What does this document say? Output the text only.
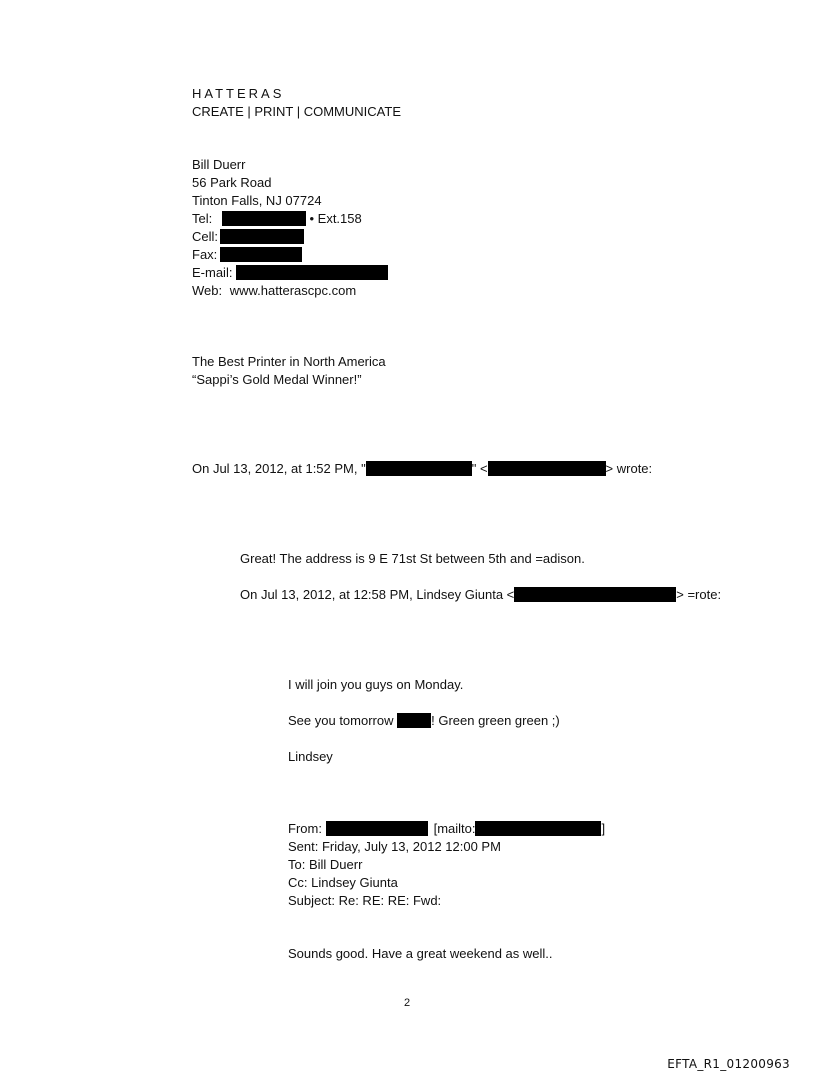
HATTERAS
CREATE | PRINT | COMMUNICATE
Bill Duerr
56 Park Road
Tinton Falls, NJ 07724
Tel:	• Ext.158
Cell:
Fax:
E-mail:
Web: www.hatterascpc.com
The Best Printer in North America
“Sappi’s Gold Medal Winner!”
On Jul 13, 2012, at 1:52 PM, "	" <	> wrote:
Great! The address is 9 E 71st St between 5th and =adison.
On Jul 13, 2012, at 12:58 PM, Lindsey Giunta <	> =rote:
I will join you guys on Monday.
See you tomorrow	! Green green green ;)
Lindsey
From:	[mailto:	]
Sent: Friday, July 13, 2012 12:00 PM
To: Bill Duerr
Cc: Lindsey Giunta
Subject: Re: RE: RE: Fwd:
Sounds good. Have a great weekend as well..
2
EFTA_R1_01200963
